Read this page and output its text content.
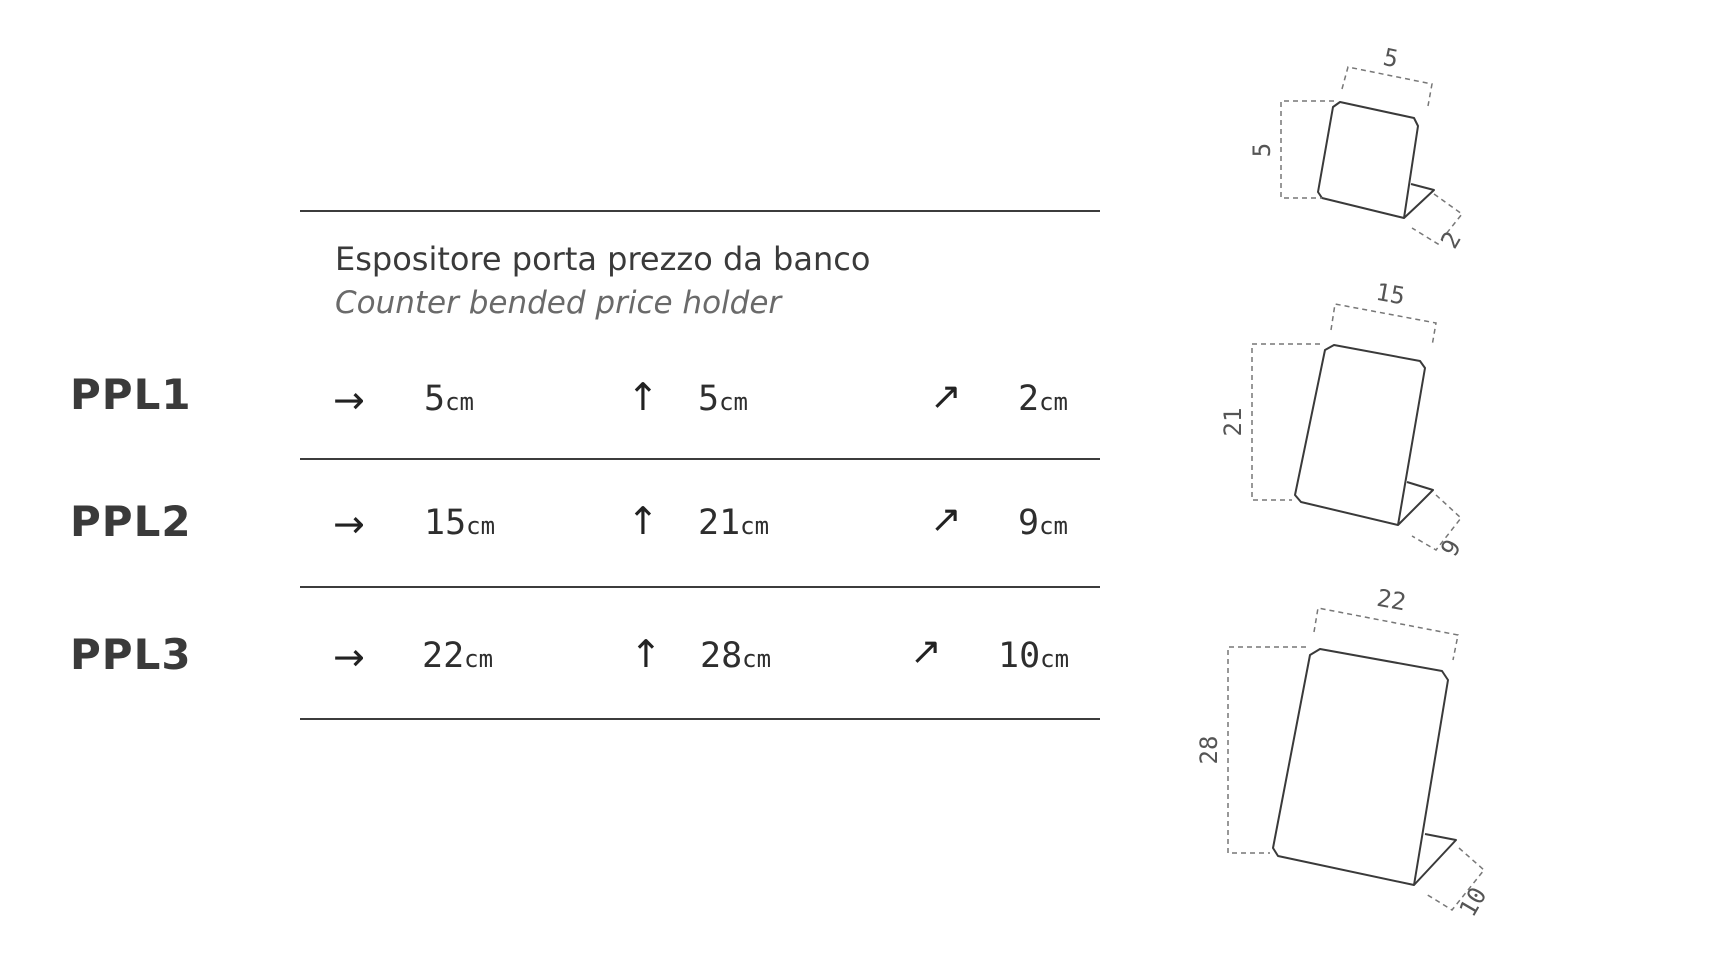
Espositore porta prezzo da banco
Counter bended price holder
PPL1	→ 5cm	↑ 5cm	↗ 2cm
PPL2	→ 15cm	↑ 21cm	↗ 9cm
PPL3	→ 22cm	↑ 28cm	↗ 10cm
5
5
2
15
21
9
22
28
10
